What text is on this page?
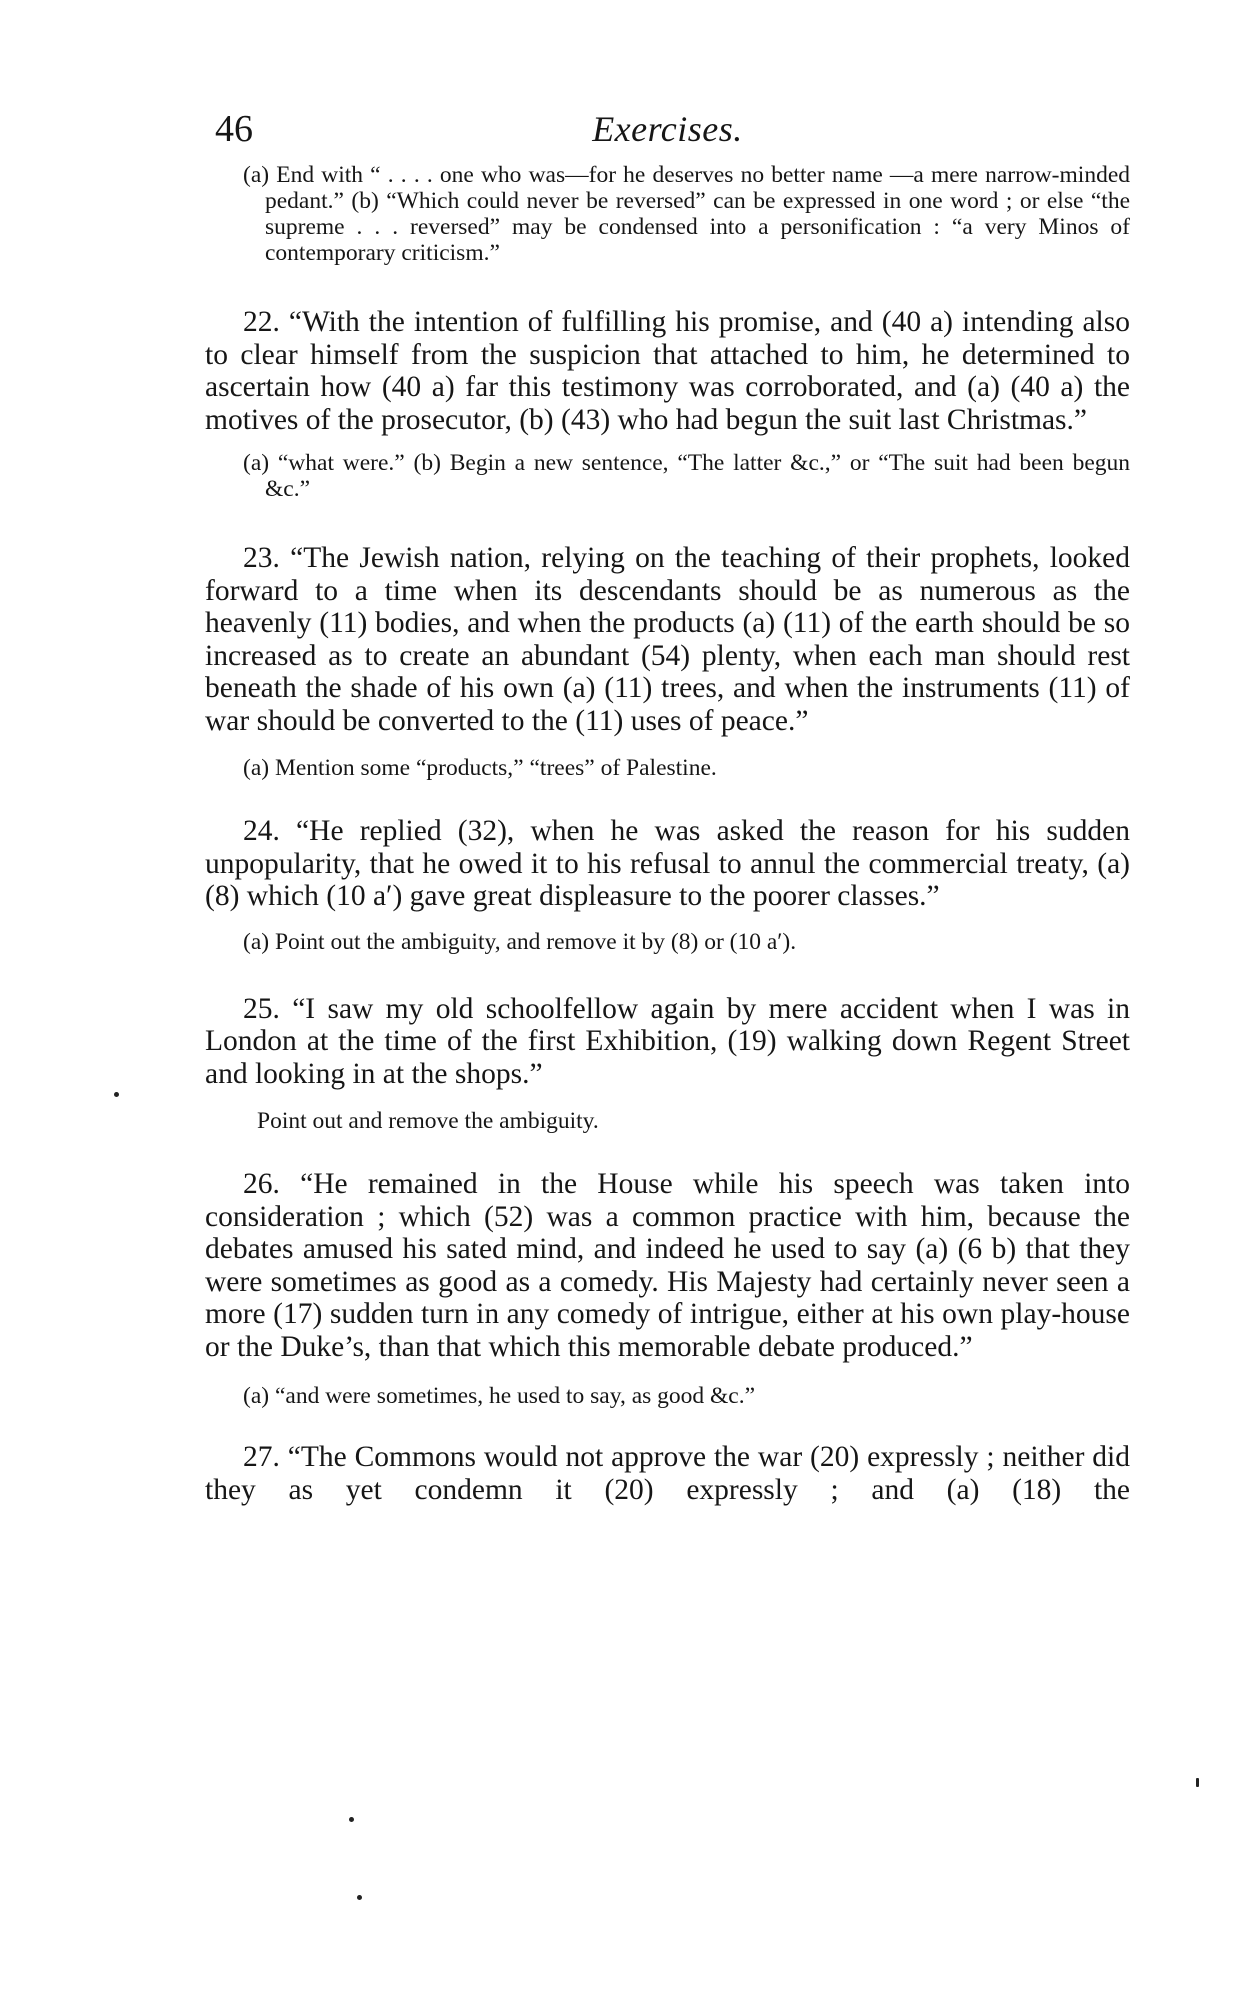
46	Exercises.

(a) End with “ . . . . one who was—for he deserves no better name —a mere narrow-minded pedant.” (b) “Which could never be reversed” can be expressed in one word ; or else “the supreme . . . reversed” may be condensed into a personification : “a very Minos of contemporary criticism.”

22. “With the intention of fulfilling his promise, and (40 a) intending also to clear himself from the suspicion that attached to him, he determined to ascertain how (40 a) far this testimony was corroborated, and (a) (40 a) the motives of the prosecutor, (b) (43) who had begun the suit last Christmas.”

(a) “what were.” (b) Begin a new sentence, “The latter &c.,” or “The suit had been begun &c.”

23. “The Jewish nation, relying on the teaching of their prophets, looked forward to a time when its descendants should be as numerous as the heavenly (11) bodies, and when the products (a) (11) of the earth should be so increased as to create an abundant (54) plenty, when each man should rest beneath the shade of his own (a) (11) trees, and when the instruments (11) of war should be converted to the (11) uses of peace.”

(a) Mention some “products,” “trees” of Palestine.

24. “He replied (32), when he was asked the reason for his sudden unpopularity, that he owed it to his refusal to annul the commercial treaty, (a) (8) which (10 a′) gave great displeasure to the poorer classes.”

(a) Point out the ambiguity, and remove it by (8) or (10 a′).

25. “I saw my old schoolfellow again by mere accident when I was in London at the time of the first Exhibition, (19) walking down Regent Street and looking in at the shops.”

Point out and remove the ambiguity.

26. “He remained in the House while his speech was taken into consideration ; which (52) was a common practice with him, because the debates amused his sated mind, and indeed he used to say (a) (6 b) that they were sometimes as good as a comedy. His Majesty had certainly never seen a more (17) sudden turn in any comedy of intrigue, either at his own play-house or the Duke’s, than that which this memorable debate produced.”

(a) “and were sometimes, he used to say, as good &c.”

27. “The Commons would not approve the war (20) expressly ; neither did they as yet condemn it (20) expressly ; and (a) (18) the
